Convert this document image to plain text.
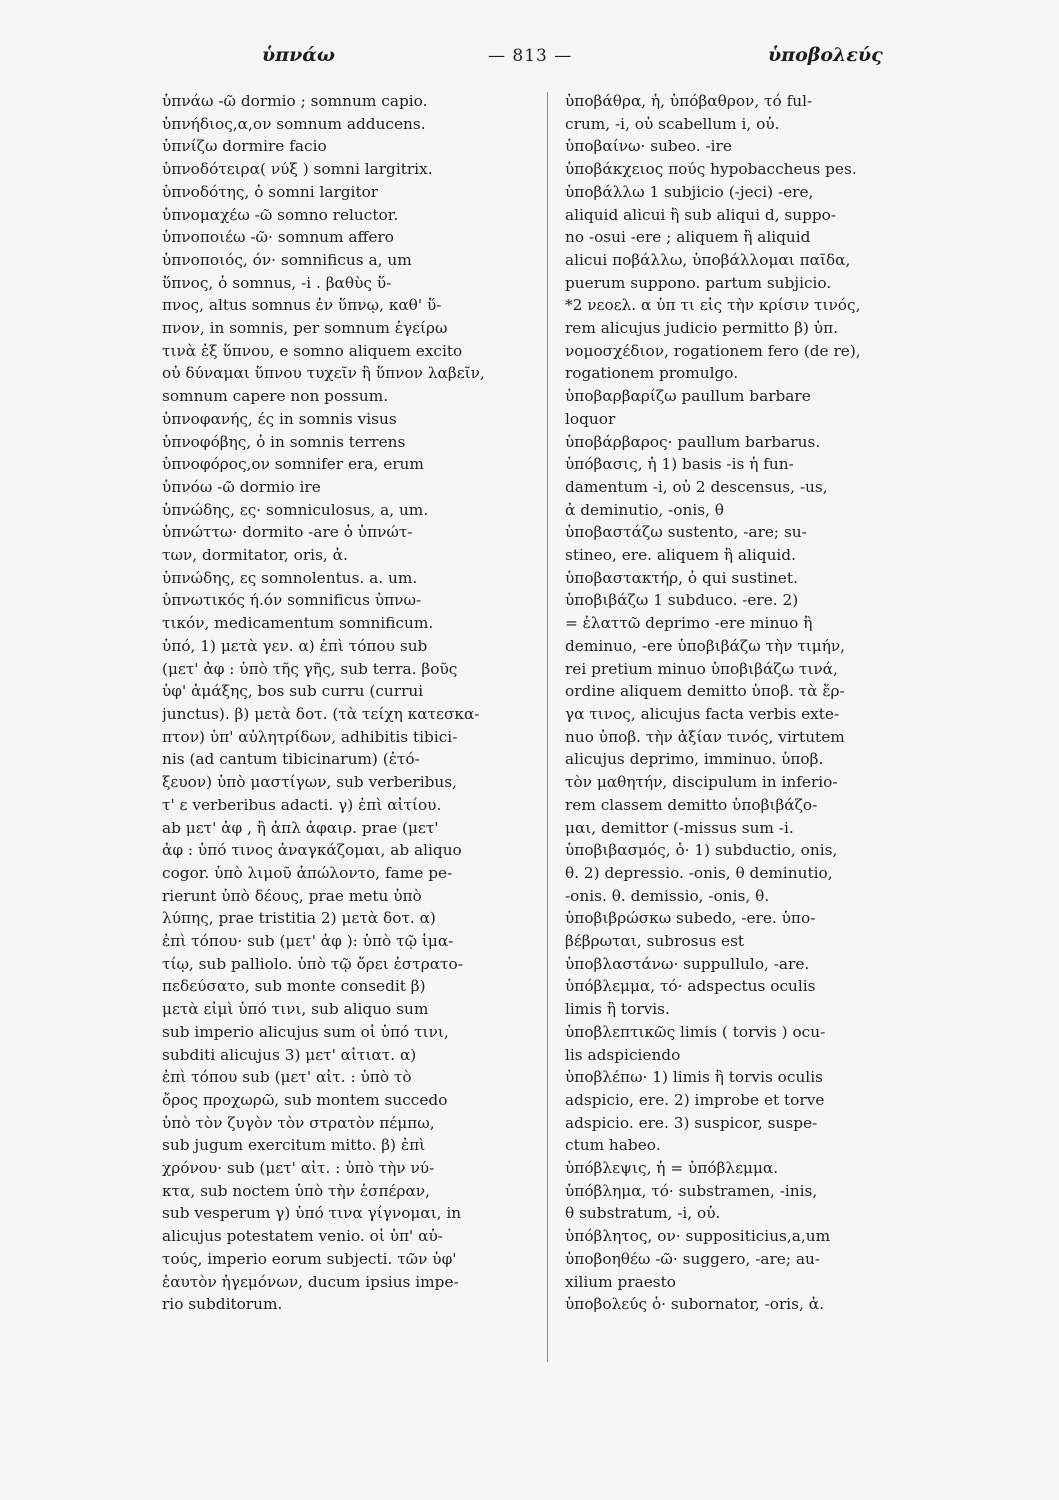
ὑπνάω	— 813 —	ὑποβολεύς
ὑπνάω -ῶ dormio ; somnum capio.
ὑπνήδιος,α,ον somnum adducens.
ὑπνίζω dormire facio
ὑπνοδότειρα( νύξ ) somni largitrix.
ὑπνοδότης, ὁ somni largitor
ὑπνομαχέω -ῶ somno reluctor.
ὑπνοποιέω -ῶ· somnum affero
ὑπνοποιός, όν· somnificus a, um
ὕπνος, ὁ somnus, -i . βαθὺς ὕ-
πνος, altus somnus ἐν ὕπνῳ, καθ' ὕ-
πνον, in somnis, per somnum ἐγείρω
τινὰ ἐξ ὕπνου, e somno aliquem excito
οὐ δύναμαι ὕπνου τυχεῖν ἢ ὕπνον λαβεῖν,
somnum capere non possum.
ὑπνοφανής, ές in somnis visus
ὑπνοφόβης, ὁ in somnis terrens
ὑπνοφόρος,ον somnifer era, erum
ὑπνόω -ῶ dormio ire
ὑπνώδης, ες· somniculosus, a, um.
ὑπνώττω· dormito -are ὁ ὑπνώτ-
των, dormitator, oris, ἀ.
ὑπνώδης, ες somnolentus. a. um.
ὑπνωτικός ή.όν somnificus ὑπνω-
τικόν, medicamentum somnificum.
ὑπό, 1) μετὰ γεν. α) ἐπὶ τόπου sub
(μετ' ἀφ : ὑπὸ τῆς γῆς, sub terra. βοῦς
ὑφ' ἁμάξης, bos sub curru (currui
junctus). β) μετὰ δοτ. (τὰ τείχη κατεσκα-
πτον) ὑπ' αὐλητρίδων, adhibitis tibici-
nis (ad cantum tibicinarum) (ἐτό-
ξευον) ὑπὸ μαστίγων, sub verberibus,
τ' ε verberibus adacti. γ) ἐπὶ αἰτίου.
ab μετ' ἀφ , ἢ ἀπλ ἀφαιρ. prae (μετ'
ἀφ : ὑπό τινος ἀναγκάζομαι, ab aliquo
cogor. ὑπὸ λιμοῦ ἀπώλοντο, fame pe-
rierunt ὑπὸ δέους, prae metu ὑπὸ
λύπης, prae tristitia 2) μετὰ δοτ. α)
ἐπὶ τόπου· sub (μετ' ἀφ ): ὑπὸ τῷ ἱμα-
τίῳ, sub palliolo. ὑπὸ τῷ ὄρει ἐστρατο-
πεδεύσατο, sub monte consedit β)
μετὰ εἰμὶ ὑπό τινι, sub aliquo sum
sub imperio alicujus sum οἱ ὑπό τινι,
subditi alicujus 3) μετ' αἰτιατ. α)
ἐπὶ τόπου sub (μετ' αἰτ. : ὑπὸ τὸ
ὄρος προχωρῶ, sub montem succedo
ὑπὸ τὸν ζυγὸν τὸν στρατὸν πέμπω,
sub jugum exercitum mitto. β) ἐπὶ
χρόνου· sub (μετ' αἰτ. : ὑπὸ τὴν νύ-
κτα, sub noctem ὑπὸ τὴν ἑσπέραν,
sub vesperum γ) ὑπό τινα γίγνομαι, in
alicujus potestatem venio. οἱ ὑπ' αὐ-
τούς, imperio eorum subjecti. τῶν ὑφ'
ἑαυτὸν ἡγεμόνων, ducum ipsius impe-
rio subditorum.
ὑποβάθρα, ἡ, ὑπόβαθρον, τό ful-
crum, -i, οὐ scabellum i, οὐ.
ὑποβαίνω· subeo. -ire
ὑποβάκχειος πούς hypobaccheus pes.
ὑποβάλλω 1 subjicio (-jeci) -ere,
aliquid alicui ἢ sub aliqui d, suppo-
no -osui -ere ; aliquem ἢ aliquid
alicui ποβάλλω, ὑποβάλλομαι παῖδα,
puerum suppono. partum subjicio.
*2 νεοελ. α ὑπ τι εἰς τὴν κρίσιν τινός,
rem alicujus judicio permitto β) ὑπ.
νομοσχέδιον, rogationem fero (de re),
rogationem promulgo.
ὑποβαρβαρίζω paullum barbare
loquor
ὑποβάρβαρος· paullum barbarus.
ὑπόβασις, ἡ 1) basis -is ἡ fun-
damentum -i, οὐ 2 descensus, -us,
ἀ deminutio, -onis, θ
ὑποβαστάζω sustento, -are; su-
stineo, ere. aliquem ἢ aliquid.
ὑποβαστακτήρ, ὁ qui sustinet.
ὑποβιβάζω 1 subduco. -ere. 2)
= ἐλαττῶ deprimo -ere minuo ἢ
deminuo, -ere ὑποβιβάζω τὴν τιμήν,
rei pretium minuo ὑποβιβάζω τινά,
ordine aliquem demitto ὑποβ. τὰ ἔρ-
γα τινος, alicujus facta verbis exte-
nuo ὑποβ. τὴν ἀξίαν τινός, virtutem
alicujus deprimo, imminuo. ὑποβ.
τὸν μαθητήν, discipulum in inferio-
rem classem demitto ὑποβιβάζο-
μαι, demittor (-missus sum -i.
ὑποβιβασμός, ὁ· 1) subductio, onis,
θ. 2) depressio. -onis, θ deminutio,
-onis. θ. demissio, -onis, θ.
ὑποβιβρώσκω subedo, -ere. ὑπο-
βέβρωται, subrosus est
ὑποβλαστάνω· suppullulo, -are.
ὑπόβλεμμα, τό· adspectus oculis
limis ἢ torvis.
ὑποβλεπτικῶς limis ( torvis ) ocu-
lis adspiciendo
ὑποβλέπω· 1) limis ἢ torvis oculis
adspicio, ere. 2) improbe et torve
adspicio. ere. 3) suspicor, suspe-
ctum habeo.
ὑπόβλεψις, ἡ = ὑπόβλεμμα.
ὑπόβλημα, τό· substramen, -inis,
θ substratum, -i, οὐ.
ὑπόβλητος, ον· suppositicius,a,um
ὑποβοηθέω -ῶ· suggero, -are; au-
xilium praesto
ὑποβολεύς ὁ· subornator, -oris, ἀ.
